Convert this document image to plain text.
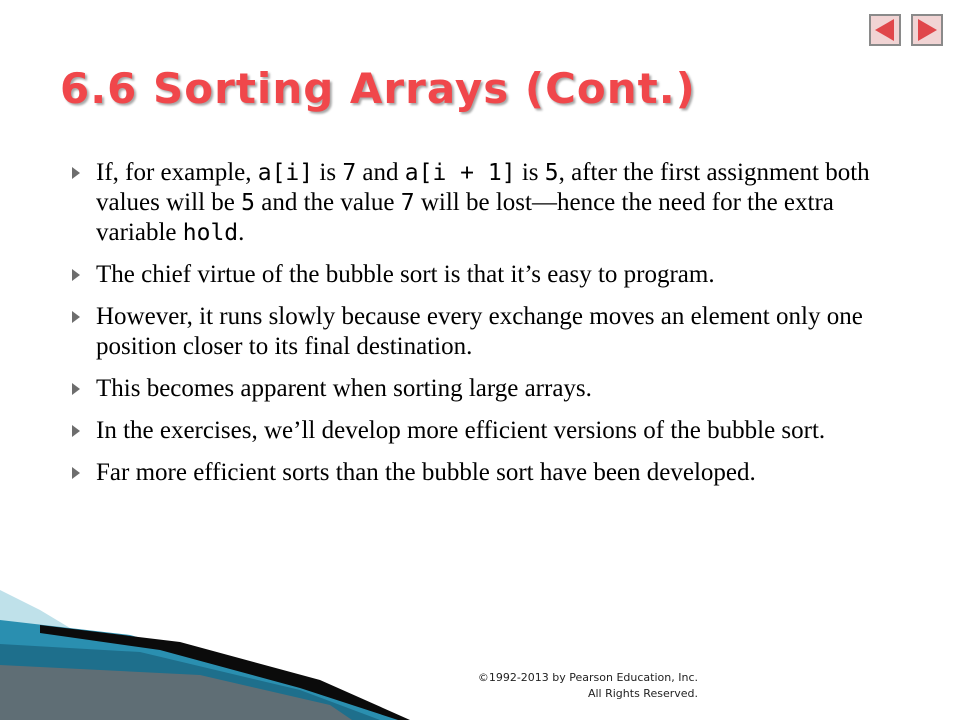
6.6 Sorting Arrays (Cont.)
If, for example, a[i] is 7 and a[i + 1] is 5, after the first assignment both values will be 5 and the value 7 will be lost—hence the need for the extra variable hold.
The chief virtue of the bubble sort is that it’s easy to program.
However, it runs slowly because every exchange moves an element only one position closer to its final destination.
This becomes apparent when sorting large arrays.
In the exercises, we’ll develop more efficient versions of the bubble sort.
Far more efficient sorts than the bubble sort have been developed.
©1992-2013 by Pearson Education, Inc.
All Rights Reserved.
